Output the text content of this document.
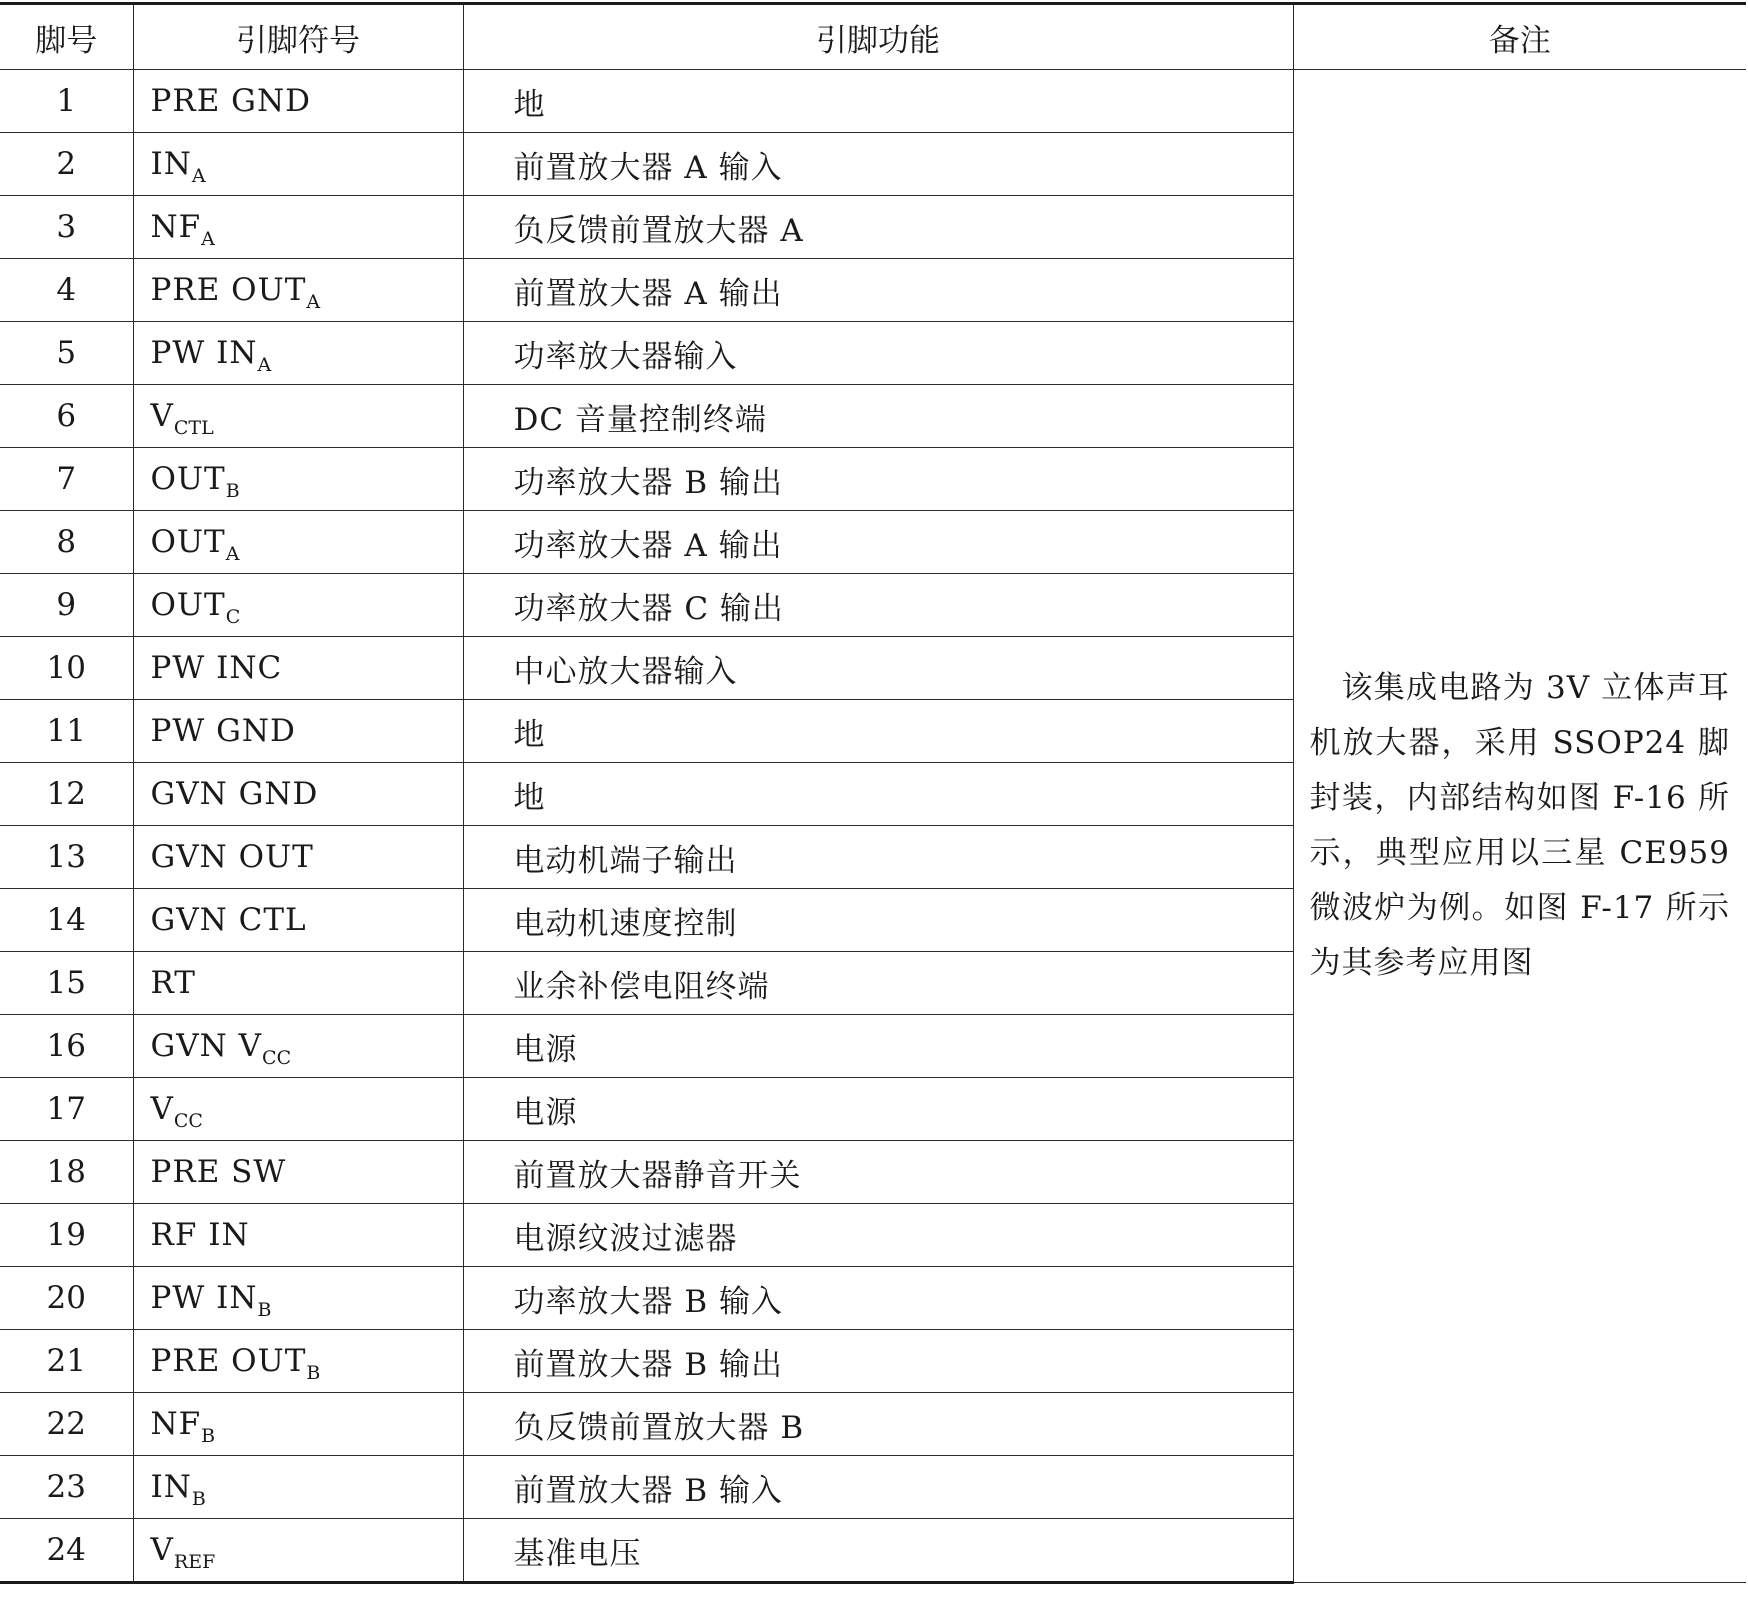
脚号	引脚符号	引脚功能	备注
1	PRE GND	地	该集成电路为 3V 立体声耳机放大器，采用 SSOP24 脚封装，内部结构如图 F-16 所示，典型应用以三星 CE959 微波炉为例。如图 F-17 所示为其参考应用图

2	$IN_A$	前置放大器 A 输入	
3	$NF_A$	负反馈前置放大器 A	
4	PRE $OUT_A$	前置放大器 A 输出	
5	PW $IN_A$	功率放大器输入	
6	$V_{CTL}$	DC 音量控制终端	
7	$OUT_B$	功率放大器 B 输出	
8	$OUT_A$	功率放大器 A 输出	
9	$OUT_C$	功率放大器 C 输出	
10	PW INC	中心放大器输入	
11	PW GND	地	
12	GVN GND	地	
13	GVN OUT	电动机端子输出	
14	GVN CTL	电动机速度控制	
15	RT	业余补偿电阻终端	
16	GVN $V_{CC}$	电源	
17	$V_{CC}$	电源	
18	PRE SW	前置放大器静音开关	
19	RF IN	电源纹波过滤器	
20	PW $IN_B$	功率放大器 B 输入	
21	PRE $OUT_B$	前置放大器 B 输出	
22	$NF_B$	负反馈前置放大器 B	
23	$IN_B$	前置放大器 B 输入	
24	$V_{REF}$	基准电压	
